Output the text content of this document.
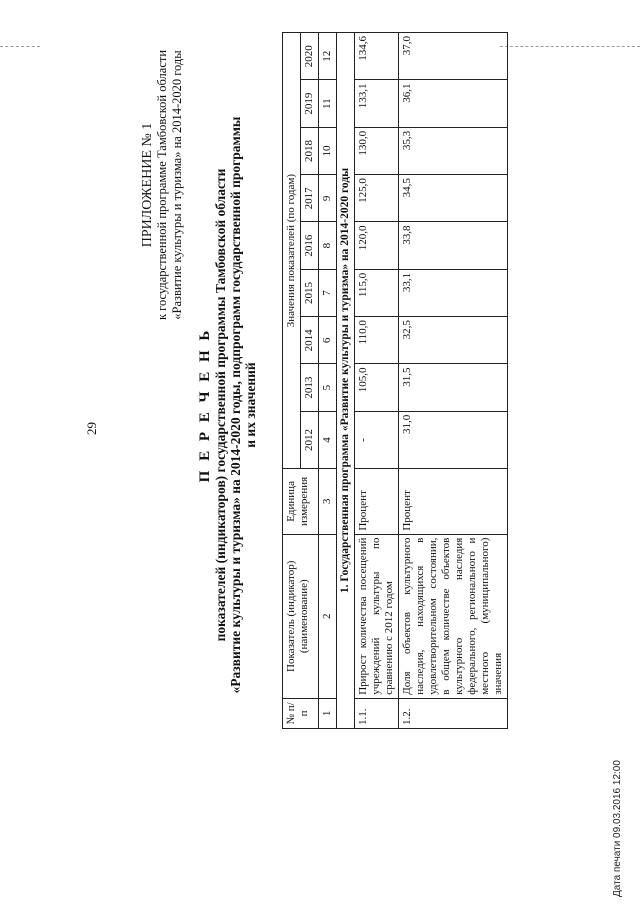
29
ПРИЛОЖЕНИЕ № 1 к государственной программе Тамбовской области «Развитие культуры и туризма» на 2014-2020 годы
П Е Р Е Ч Е Н Ь показателей (индикаторов) государственной программы Тамбовской области «Развитие культуры и туризма» на 2014-2020 годы, подпрограмм государственной программы и их значений
№ п/п	Показатель (индикатор) (наименование)	Единица измерения	Значения показателей (по годам)								
			2012	2013	2014	2015	2016	2017	2018	2019	2020
1	2	3	4	5	6	7	8	9	10	11	12
1. Государственная программа «Развитие культуры и туризма» на 2014-2020 годы											
1.1.	Прирост количества посещений учреждений культуры по сравнению с 2012 годом	Процент	-	105,0	110,0	115,0	120,0	125,0	130,0	133,1	134,6
1.2.	Доля объектов культурного наследия, находящихся в удовлетворительном состоянии, в общем количестве объектов культурного наследия федерального, регионального и местного (муниципального) значения	Процент	31,0	31,5	32,5	33,1	33,8	34,5	35,3	36,1	37,0
Дата печати 09.03.2016 12:00
